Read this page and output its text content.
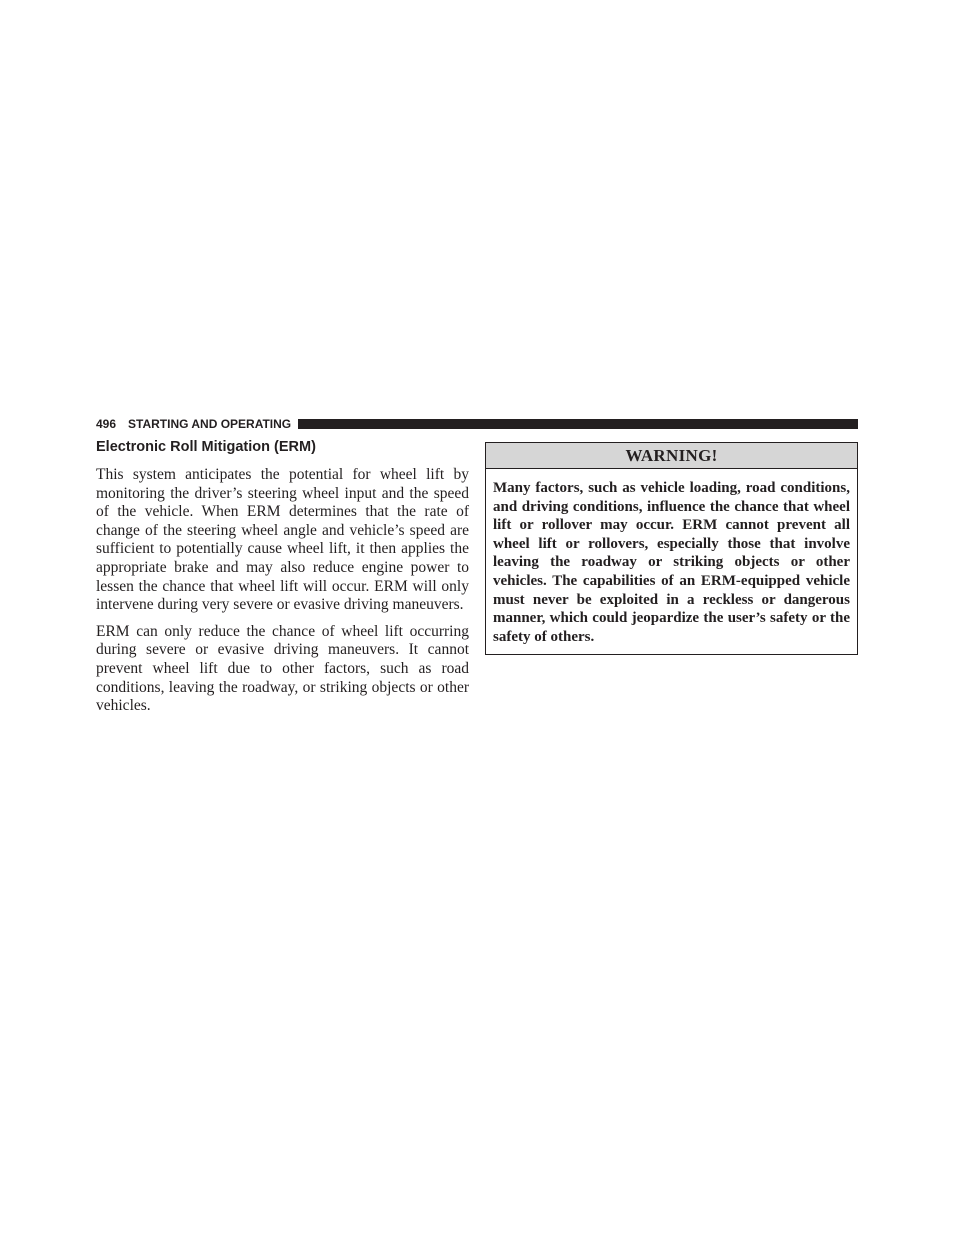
496 STARTING AND OPERATING
Electronic Roll Mitigation (ERM)

This system anticipates the potential for wheel lift by monitoring the driver’s steering wheel input and the speed of the vehicle. When ERM determines that the rate of change of the steering wheel angle and vehicle’s speed are sufficient to potentially cause wheel lift, it then applies the appropriate brake and may also reduce engine power to lessen the chance that wheel lift will occur. ERM will only intervene during very severe or evasive driving maneuvers.

ERM can only reduce the chance of wheel lift occurring during severe or evasive driving maneuvers. It cannot prevent wheel lift due to other factors, such as road conditions, leaving the roadway, or striking objects or other vehicles.

WARNING!

Many factors, such as vehicle loading, road conditions, and driving conditions, influence the chance that wheel lift or rollover may occur. ERM cannot prevent all wheel lift or rollovers, especially those that involve leaving the roadway or striking objects or other vehicles. The capabilities of an ERM-equipped vehicle must never be exploited in a reckless or dangerous manner, which could jeopardize the user’s safety or the safety of others.
